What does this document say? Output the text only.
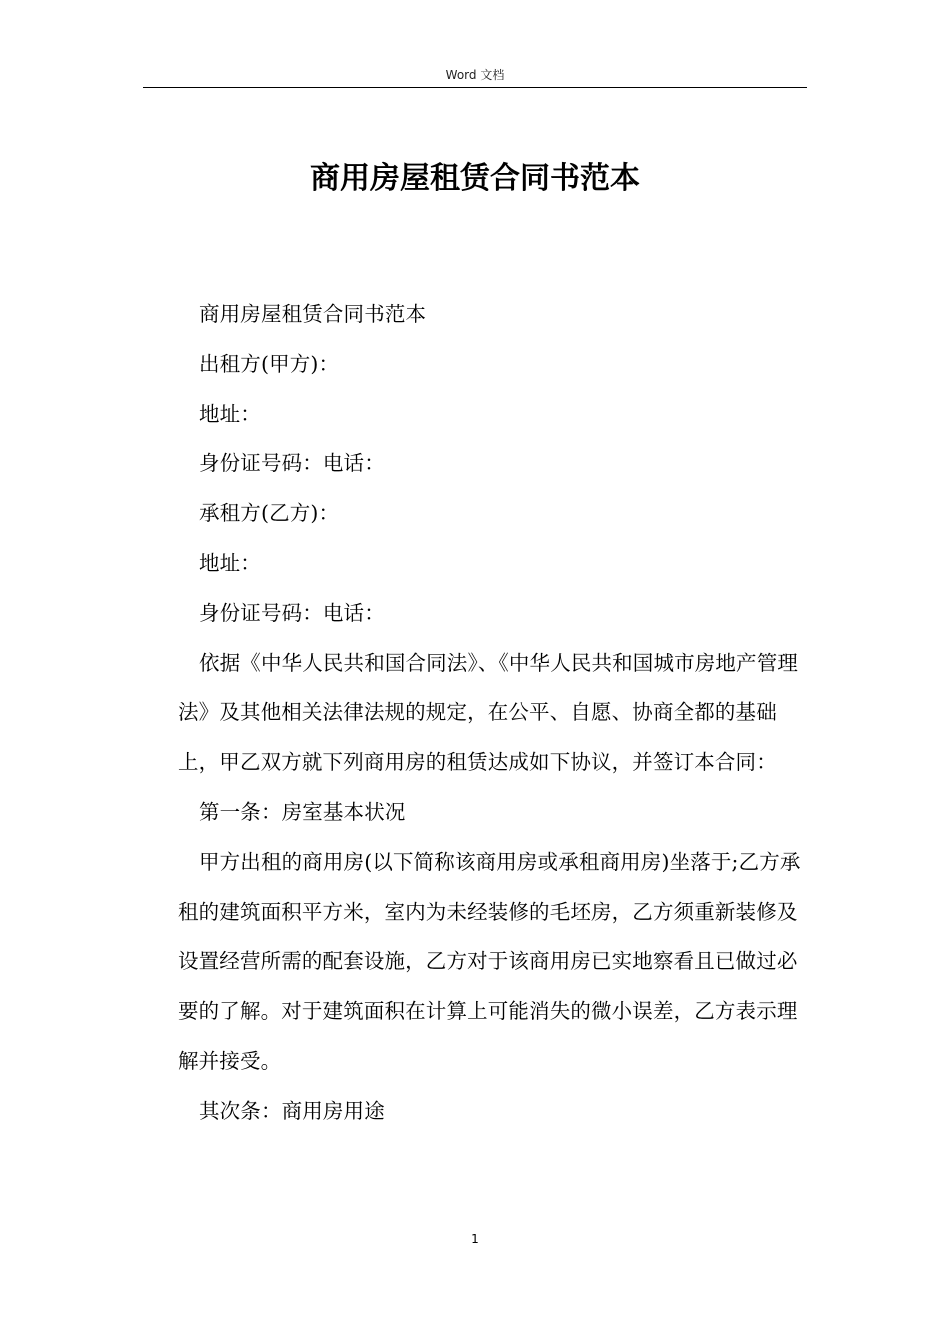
Word 文档
商用房屋租赁合同书范本

商用房屋租赁合同书范本

出租方(甲方)：

地址：

身份证号码：电话：

承租方(乙方)：

地址：

身份证号码：电话：

依据《中华人民共和国合同法》、《中华人民共和国城市房地产管理法》及其他相关法律法规的规定，在公平、自愿、协商全都的基础上，甲乙双方就下列商用房的租赁达成如下协议，并签订本合同：

第一条：房室基本状况

甲方出租的商用房(以下简称该商用房或承租商用房)坐落于;乙方承租的建筑面积平方米，室内为未经装修的毛坯房，乙方须重新装修及设置经营所需的配套设施，乙方对于该商用房已实地察看且已做过必要的了解。对于建筑面积在计算上可能消失的微小误差，乙方表示理解并接受。

其次条：商用房用途

1
